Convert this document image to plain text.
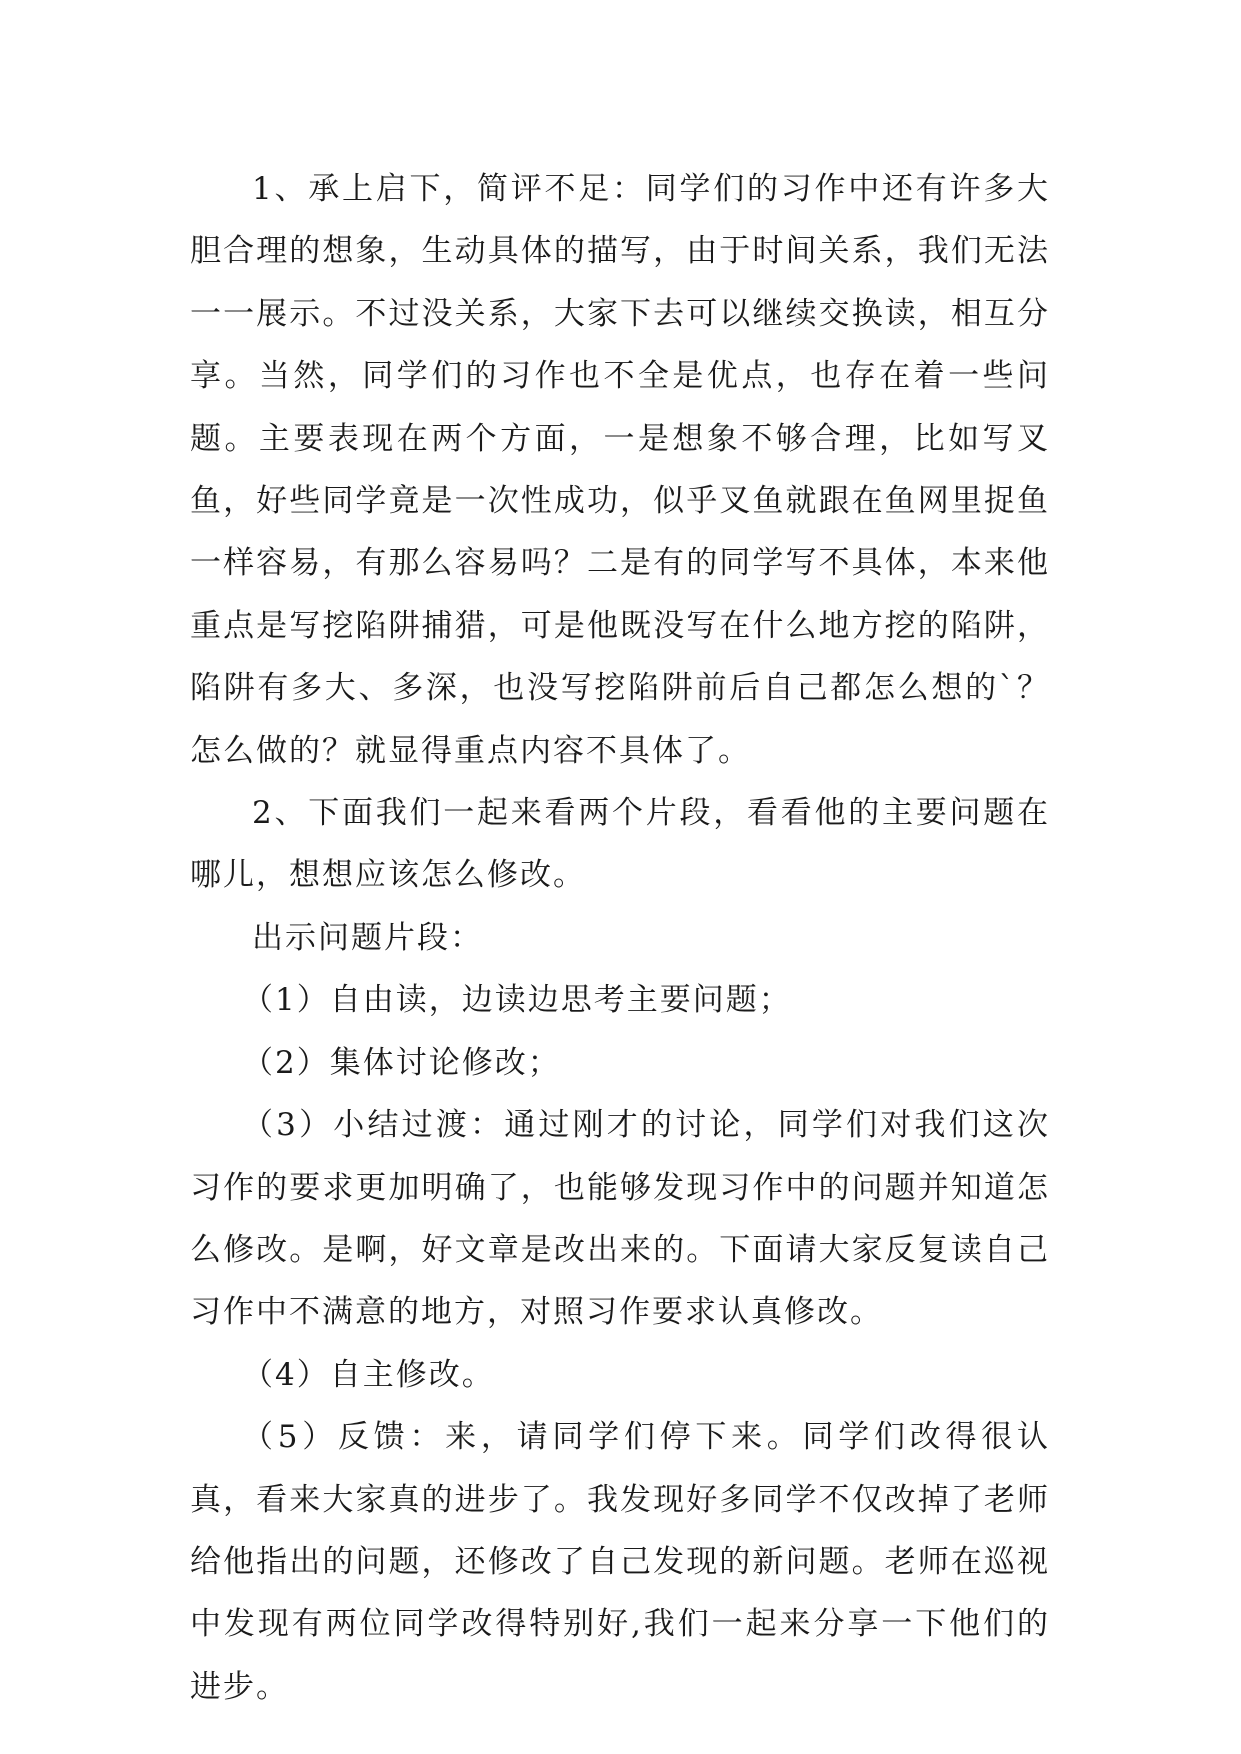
1、承上启下，简评不足：同学们的习作中还有许多大胆合理的想象，生动具体的描写，由于时间关系，我们无法一一展示。不过没关系，大家下去可以继续交换读，相互分享。当然，同学们的习作也不全是优点，也存在着一些问题。主要表现在两个方面，一是想象不够合理，比如写叉鱼，好些同学竟是一次性成功，似乎叉鱼就跟在鱼网里捉鱼一样容易，有那么容易吗？二是有的同学写不具体，本来他重点是写挖陷阱捕猎，可是他既没写在什么地方挖的陷阱，陷阱有多大、多深，也没写挖陷阱前后自己都怎么想的`？怎么做的？就显得重点内容不具体了。

2、下面我们一起来看两个片段，看看他的主要问题在哪儿，想想应该怎么修改。

出示问题片段：

（1）自由读，边读边思考主要问题；

（2）集体讨论修改；

（3）小结过渡：通过刚才的讨论，同学们对我们这次习作的要求更加明确了，也能够发现习作中的问题并知道怎么修改。是啊，好文章是改出来的。下面请大家反复读自己习作中不满意的地方，对照习作要求认真修改。

（4）自主修改。

（5）反馈：来，请同学们停下来。同学们改得很认真，看来大家真的进步了。我发现好多同学不仅改掉了老师给他指出的问题，还修改了自己发现的新问题。老师在巡视中发现有两位同学改得特别好,我们一起来分享一下他们的进步。
